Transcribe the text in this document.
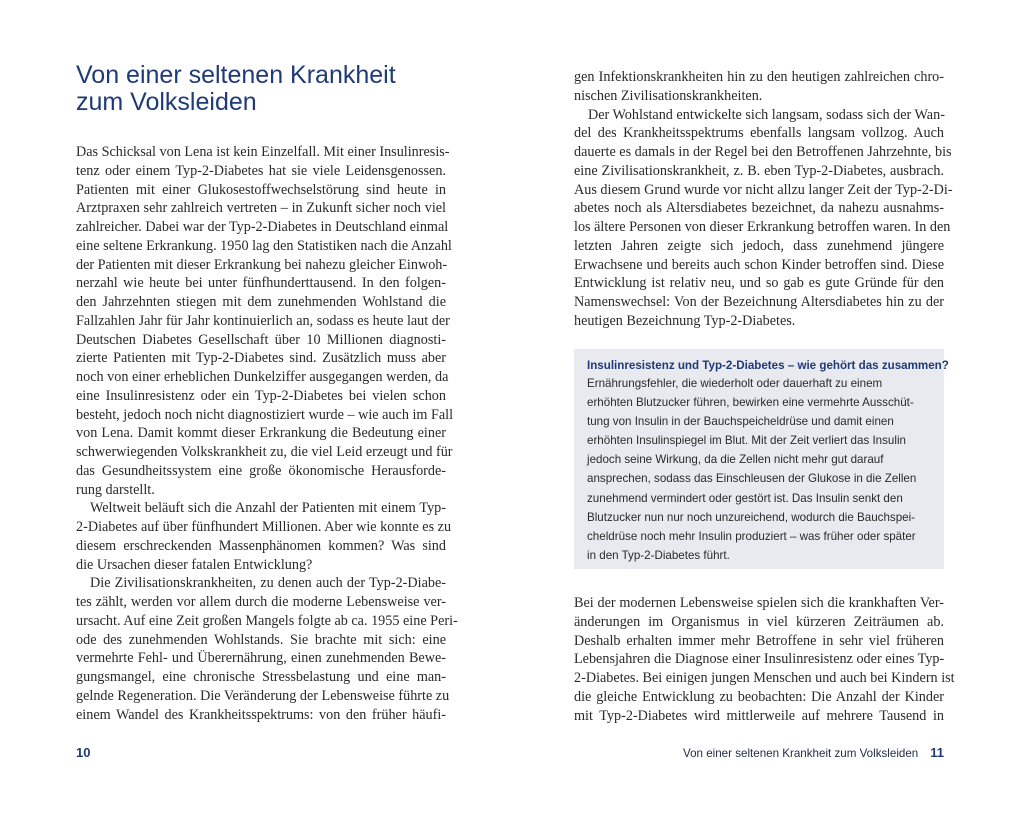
Von einer seltenen Krankheit
zum Volksleiden

Das Schicksal von Lena ist kein Einzelfall. Mit einer Insulinresis-
tenz oder einem Typ-2-Diabetes hat sie viele Leidensgenossen.
Patienten mit einer Glukosestoffwechselstörung sind heute in
Arztpraxen sehr zahlreich vertreten – in Zukunft sicher noch viel
zahlreicher. Dabei war der Typ-2-Diabetes in Deutschland einmal
eine seltene Erkrankung. 1950 lag den Statistiken nach die Anzahl
der Patienten mit dieser Erkrankung bei nahezu gleicher Einwoh-
nerzahl wie heute bei unter fünfhunderttausend. In den folgen-
den Jahrzehnten stiegen mit dem zunehmenden Wohlstand die
Fallzahlen Jahr für Jahr kontinuierlich an, sodass es heute laut der
Deutschen Diabetes Gesellschaft über 10 Millionen diagnosti-
zierte Patienten mit Typ-2-Diabetes sind. Zusätzlich muss aber
noch von einer erheblichen Dunkelziffer ausgegangen werden, da
eine Insulinresistenz oder ein Typ-2-Diabetes bei vielen schon
besteht, jedoch noch nicht diagnostiziert wurde – wie auch im Fall
von Lena. Damit kommt dieser Erkrankung die Bedeutung einer
schwerwiegenden Volkskrankheit zu, die viel Leid erzeugt und für
das Gesundheitssystem eine große ökonomische Herausforde-
rung darstellt.

Weltweit beläuft sich die Anzahl der Patienten mit einem Typ-
2-Diabetes auf über fünfhundert Millionen. Aber wie konnte es zu
diesem erschreckenden Massenphänomen kommen? Was sind
die Ursachen dieser fatalen Entwicklung?

Die Zivilisationskrankheiten, zu denen auch der Typ-2-Diabe-
tes zählt, werden vor allem durch die moderne Lebensweise ver-
ursacht. Auf eine Zeit großen Mangels folgte ab ca. 1955 eine Peri-
ode des zunehmenden Wohlstands. Sie brachte mit sich: eine
vermehrte Fehl- und Überernährung, einen zunehmenden Bewe-
gungsmangel, eine chronische Stressbelastung und eine man-
gelnde Regeneration. Die Veränderung der Lebensweise führte zu
einem Wandel des Krankheitsspektrums: von den früher häufi-

10

gen Infektionskrankheiten hin zu den heutigen zahlreichen chro-
nischen Zivilisationskrankheiten.

Der Wohlstand entwickelte sich langsam, sodass sich der Wan-
del des Krankheitsspektrums ebenfalls langsam vollzog. Auch
dauerte es damals in der Regel bei den Betroffenen Jahrzehnte, bis
eine Zivilisationskrankheit, z. B. eben Typ-2-Diabetes, ausbrach.
Aus diesem Grund wurde vor nicht allzu langer Zeit der Typ-2-Di-
abetes noch als Altersdiabetes bezeichnet, da nahezu ausnahms-
los ältere Personen von dieser Erkrankung betroffen waren. In den
letzten Jahren zeigte sich jedoch, dass zunehmend jüngere
Erwachsene und bereits auch schon Kinder betroffen sind. Diese
Entwicklung ist relativ neu, und so gab es gute Gründe für den
Namenswechsel: Von der Bezeichnung Altersdiabetes hin zu der
heutigen Bezeichnung Typ-2-Diabetes.

Insulinresistenz und Typ-2-Diabetes – wie gehört das zusammen?
Ernährungsfehler, die wiederholt oder dauerhaft zu einem
erhöhten Blutzucker führen, bewirken eine vermehrte Ausschüt-
tung von Insulin in der Bauchspeicheldrüse und damit einen
erhöhten Insulinspiegel im Blut. Mit der Zeit verliert das Insulin
jedoch seine Wirkung, da die Zellen nicht mehr gut darauf
ansprechen, sodass das Einschleusen der Glukose in die Zellen
zunehmend vermindert oder gestört ist. Das Insulin senkt den
Blutzucker nun nur noch unzureichend, wodurch die Bauchspei-
cheldrüse noch mehr Insulin produziert – was früher oder später
in den Typ-2-Diabetes führt.

Bei der modernen Lebensweise spielen sich die krankhaften Ver-
änderungen im Organismus in viel kürzeren Zeiträumen ab.
Deshalb erhalten immer mehr Betroffene in sehr viel früheren
Lebensjahren die Diagnose einer Insulinresistenz oder eines Typ-
2-Diabetes. Bei einigen jungen Menschen und auch bei Kindern ist
die gleiche Entwicklung zu beobachten: Die Anzahl der Kinder
mit Typ-2-Diabetes wird mittlerweile auf mehrere Tausend in

Von einer seltenen Krankheit zum Volksleiden 11
